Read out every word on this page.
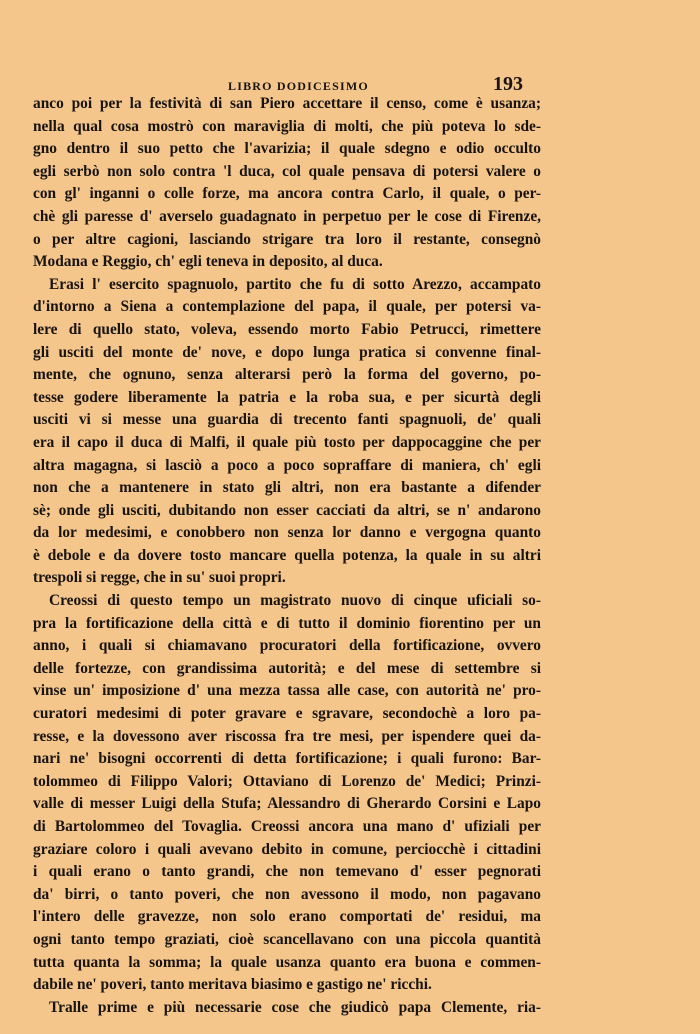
LIBRO DODICESIMO	193
anco poi per la festività di san Piero accettare il censo, come è usanza;
nella qual cosa mostrò con maraviglia di molti, che più poteva lo sde-
gno dentro il suo petto che l'avarizia; il quale sdegno e odio occulto
egli serbò non solo contra 'l duca, col quale pensava di potersi valere o
con gl' inganni o colle forze, ma ancora contra Carlo, il quale, o per-
chè gli paresse d' averselo guadagnato in perpetuo per le cose di Firenze,
o per altre cagioni, lasciando strigare tra loro il restante, consegnò
Modana e Reggio, ch' egli teneva in deposito, al duca.
Erasi l' esercito spagnuolo, partito che fu di sotto Arezzo, accampato
d'intorno a Siena a contemplazione del papa, il quale, per potersi va-
lere di quello stato, voleva, essendo morto Fabio Petrucci, rimettere
gli usciti del monte de' nove, e dopo lunga pratica si convenne final-
mente, che ognuno, senza alterarsi però la forma del governo, po-
tesse godere liberamente la patria e la roba sua, e per sicurtà degli
usciti vi si messe una guardia di trecento fanti spagnuoli, de' quali
era il capo il duca di Malfi, il quale più tosto per dappocaggine che per
altra magagna, si lasciò a poco a poco sopraffare di maniera, ch' egli
non che a mantenere in stato gli altri, non era bastante a difender
sè; onde gli usciti, dubitando non esser cacciati da altri, se n' andarono
da lor medesimi, e conobbero non senza lor danno e vergogna quanto
è debole e da dovere tosto mancare quella potenza, la quale in su altri
trespoli si regge, che in su' suoi propri.
Creossi di questo tempo un magistrato nuovo di cinque uficiali so-
pra la fortificazione della città e di tutto il dominio fiorentino per un
anno, i quali si chiamavano procuratori della fortificazione, ovvero
delle fortezze, con grandissima autorità; e del mese di settembre si
vinse un' imposizione d' una mezza tassa alle case, con autorità ne' pro-
curatori medesimi di poter gravare e sgravare, secondochè a loro pa-
resse, e la dovessono aver riscossa fra tre mesi, per ispendere quei da-
nari ne' bisogni occorrenti di detta fortificazione; i quali furono: Bar-
tolommeo di Filippo Valori; Ottaviano di Lorenzo de' Medici; Prinzi-
valle di messer Luigi della Stufa; Alessandro di Gherardo Corsini e Lapo
di Bartolommeo del Tovaglia. Creossi ancora una mano d' ufiziali per
graziare coloro i quali avevano debito in comune, perciocchè i cittadini
i quali erano o tanto grandi, che non temevano d' esser pegnorati
da' birri, o tanto poveri, che non avessono il modo, non pagavano
l'intero delle gravezze, non solo erano comportati de' residui, ma
ogni tanto tempo graziati, cioè scancellavano con una piccola quantità
tutta quanta la somma; la quale usanza quanto era buona e commen-
dabile ne' poveri, tanto meritava biasimo e gastigo ne' ricchi.
Tralle prime e più necessarie cose che giudicò papa Clemente, ria-
